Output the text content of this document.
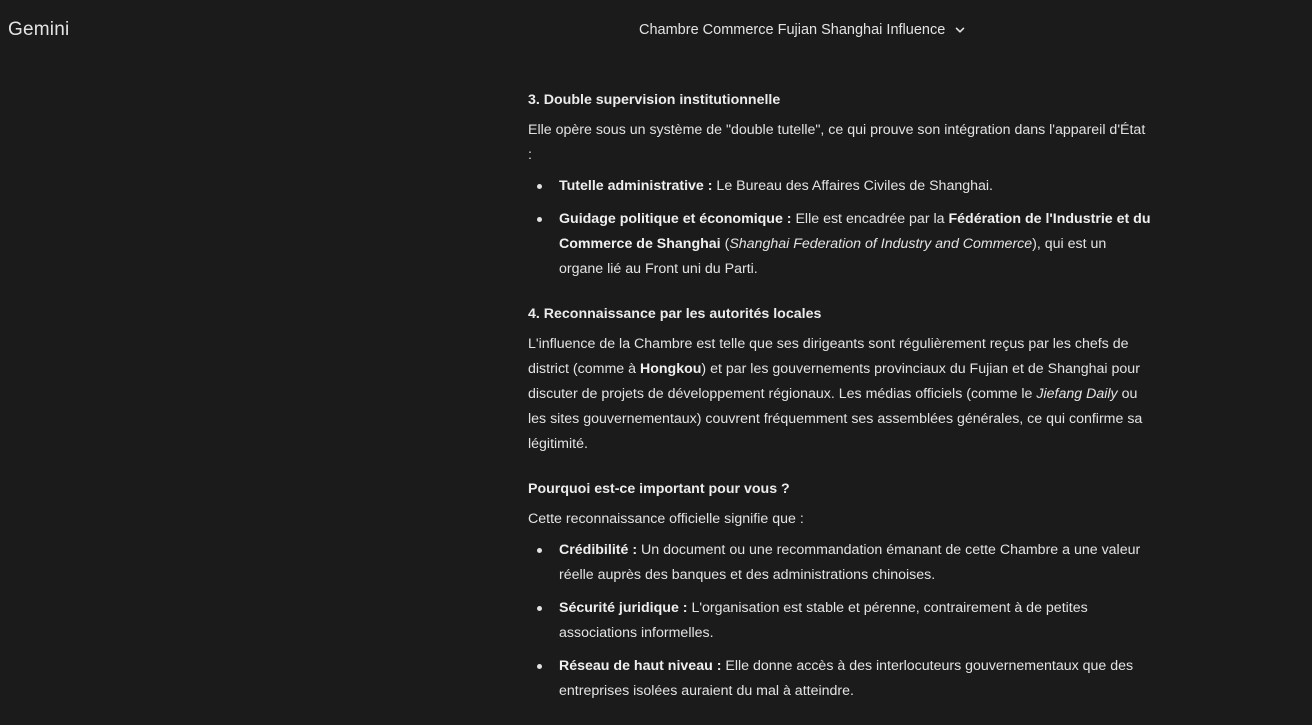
Gemini	Chambre Commerce Fujian Shanghai Influence
3. Double supervision institutionnelle

Elle opère sous un système de "double tutelle", ce qui prouve son intégration dans l'appareil d'État :

Tutelle administrative : Le Bureau des Affaires Civiles de Shanghai.
Guidage politique et économique : Elle est encadrée par la Fédération de l'Industrie et du Commerce de Shanghai (Shanghai Federation of Industry and Commerce), qui est un organe lié au Front uni du Parti.
4. Reconnaissance par les autorités locales

L'influence de la Chambre est telle que ses dirigeants sont régulièrement reçus par les chefs de district (comme à Hongkou) et par les gouvernements provinciaux du Fujian et de Shanghai pour discuter de projets de développement régionaux. Les médias officiels (comme le Jiefang Daily ou les sites gouvernementaux) couvrent fréquemment ses assemblées générales, ce qui confirme sa légitimité.

Pourquoi est-ce important pour vous ?

Cette reconnaissance officielle signifie que :

Crédibilité : Un document ou une recommandation émanant de cette Chambre a une valeur réelle auprès des banques et des administrations chinoises.
Sécurité juridique : L'organisation est stable et pérenne, contrairement à de petites associations informelles.
Réseau de haut niveau : Elle donne accès à des interlocuteurs gouvernementaux que des entreprises isolées auraient du mal à atteindre.
